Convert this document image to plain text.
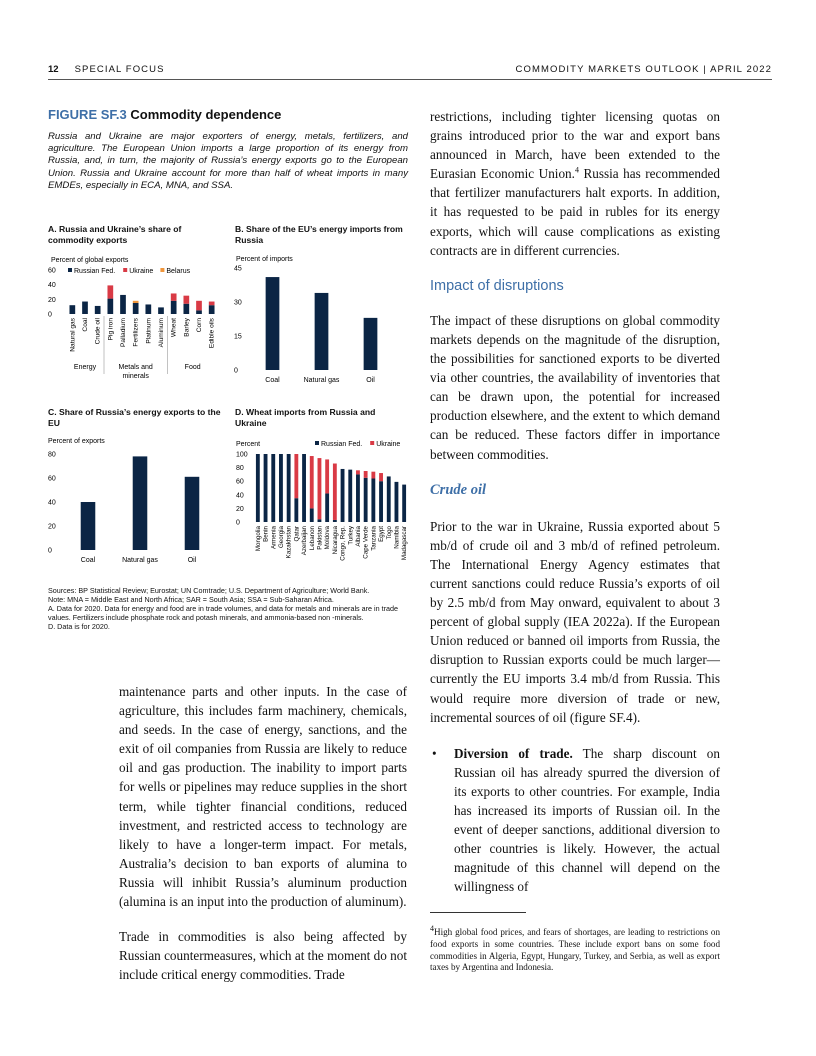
12 SPECIAL FOCUS	COMMODITY MARKETS OUTLOOK | APRIL 2022
FIGURE SF.3 Commodity dependence
Russia and Ukraine are major exporters of energy, metals, fertilizers, and agriculture. The European Union imports a large proportion of its energy from Russia, and, in turn, the majority of Russia’s energy exports go to the European Union. Russia and Ukraine account for more than half of wheat imports in many EMDEs, especially in ECA, MNA, and SSA.
A. Russia and Ukraine’s share of commodity exports
B. Share of the EU’s energy imports from Russia
C. Share of Russia’s energy exports to the EU
D. Wheat imports from Russia and Ukraine
Percent of global exports
0
20
40
60
Natural gas Coal Crude oil Pig iron Palladium Fertilizers Platinum Aluminum Wheat Barley Corn Edible oils
Russian Fed. Ukraine Belarus
Energy	Metals and
minerals
Food
Percent of imports
0
15
30
45
Coal	Natural gas	Oil
Percent of exports
0
20
40
60
80
Coal	Natural gas	Oil
Percent
0
20
40
60
80
100
Mongolia Benin Armenia Georgia Kazakhstan Qatar Azerbaijan Lebanon Pakistan Moldova Nicaragua Congo, Rep. Turkey Albania Cape Verde Tanzania Egypt Togo Namibia Madagascar
Russian Fed. Ukraine
Sources: BP Statistical Review; Eurostat; UN Comtrade; U.S. Department of Agriculture; World Bank.
Note: MNA = Middle East and North Africa; SAR = South Asia; SSA = Sub-Saharan Africa.
A. Data for 2020. Data for energy and food are in trade volumes, and data for metals and minerals are in trade values. Fertilizers include phosphate rock and potash minerals, and ammonia-based non -minerals.
D. Data is for 2020.

maintenance parts and other inputs. In the case of agriculture, this includes farm machinery, chemicals, and seeds. In the case of energy, sanctions, and the exit of oil companies from Russia are likely to reduce oil and gas production. The inability to import parts for wells or pipelines may reduce supplies in the short term, while tighter financial conditions, reduced investment, and restricted access to technology are likely to have a longer-term impact. For metals, Australia’s decision to ban exports of alumina to Russia will inhibit Russia’s aluminum production (alumina is an input into the production of aluminum).

Trade in commodities is also being affected by Russian countermeasures, which at the moment do not include critical energy commodities. Trade

restrictions, including tighter licensing quotas on grains introduced prior to the war and export bans announced in March, have been extended to the Eurasian Economic Union.$^4$ Russia has recommended that fertilizer manufacturers halt exports. In addition, it has requested to be paid in rubles for its energy exports, which will cause complications as existing contracts are in different currencies.

Impact of disruptions

The impact of these disruptions on global commodity markets depends on the magnitude of the disruption, the possibilities for sanctioned exports to be diverted via other countries, the availability of inventories that can be drawn upon, the potential for increased production elsewhere, and the extent to which demand can be reduced. These factors differ in importance between commodities.

Crude oil

Prior to the war in Ukraine, Russia exported about 5 mb/d of crude oil and 3 mb/d of refined petroleum. The International Energy Agency estimates that current sanctions could reduce Russia’s exports of oil by 2.5 mb/d from May onward, equivalent to about 3 percent of global supply (IEA 2022a). If the European Union reduced or banned oil imports from Russia, the disruption to Russian exports could be much larger—currently the EU imports 3.4 mb/d from Russia. This would require more diversion of trade or new, incremental sources of oil (figure SF.4).

• Diversion of trade. The sharp discount on Russian oil has already spurred the diversion of its exports to other countries. For example, India has increased its imports of Russian oil. In the event of deeper sanctions, additional diversion to other countries is likely. However, the actual magnitude of this channel will depend on the willingness of
$^4$High global food prices, and fears of shortages, are leading to restrictions on food exports in some countries. These include export bans on some food commodities in Algeria, Egypt, Hungary, Turkey, and Serbia, as well as export taxes by Argentina and Indonesia.
